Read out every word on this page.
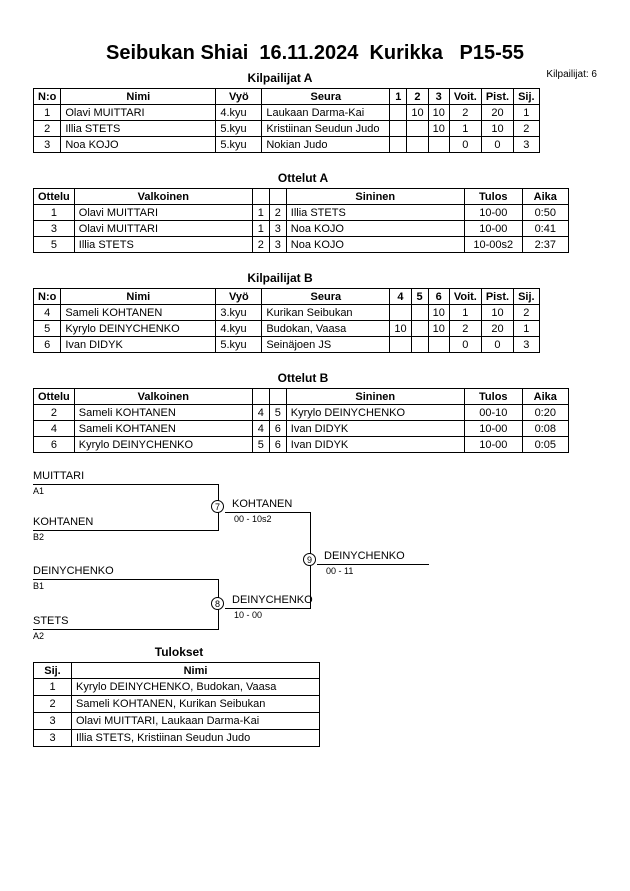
Seibukan Shiai  16.11.2024  Kurikka   P15-55
Kilpailijat: 6
Kilpailijat A
N:o	Nimi	Vyö	Seura	1	2	3	Voit.	Pist.	Sij.
1	Olavi MUITTARI	4.kyu	Laukaan Darma-Kai		10	10	2	20	1
2	Illia STETS	5.kyu	Kristiinan Seudun Judo			10	1	10	2
3	Noa KOJO	5.kyu	Nokian Judo				0	0	3
Ottelut A
Ottelu	Valkoinen			Sininen	Tulos	Aika
1	Olavi MUITTARI	1	2	Illia STETS	10-00	0:50
3	Olavi MUITTARI	1	3	Noa KOJO	10-00	0:41
5	Illia STETS	2	3	Noa KOJO	10-00s2	2:37
Kilpailijat B
N:o	Nimi	Vyö	Seura	4	5	6	Voit.	Pist.	Sij.
4	Sameli KOHTANEN	3.kyu	Kurikan Seibukan			10	1	10	2
5	Kyrylo DEINYCHENKO	4.kyu	Budokan, Vaasa	10		10	2	20	1
6	Ivan DIDYK	5.kyu	Seinäjoen JS				0	0	3
Ottelut B
Ottelu	Valkoinen			Sininen	Tulos	Aika
2	Sameli KOHTANEN	4	5	Kyrylo DEINYCHENKO	00-10	0:20
4	Sameli KOHTANEN	4	6	Ivan DIDYK	10-00	0:08
6	Kyrylo DEINYCHENKO	5	6	Ivan DIDYK	10-00	0:05
MUITTARI
A1
KOHTANEN
B2
DEINYCHENKO
B1
STETS
A2
7
8
9
KOHTANEN
00 - 10s2
DEINYCHENKO
10 - 00
DEINYCHENKO
00 - 11
Tulokset
Sij.	Nimi
1	Kyrylo DEINYCHENKO, Budokan, Vaasa
2	Sameli KOHTANEN, Kurikan Seibukan
3	Olavi MUITTARI, Laukaan Darma-Kai
3	Illia STETS, Kristiinan Seudun Judo
